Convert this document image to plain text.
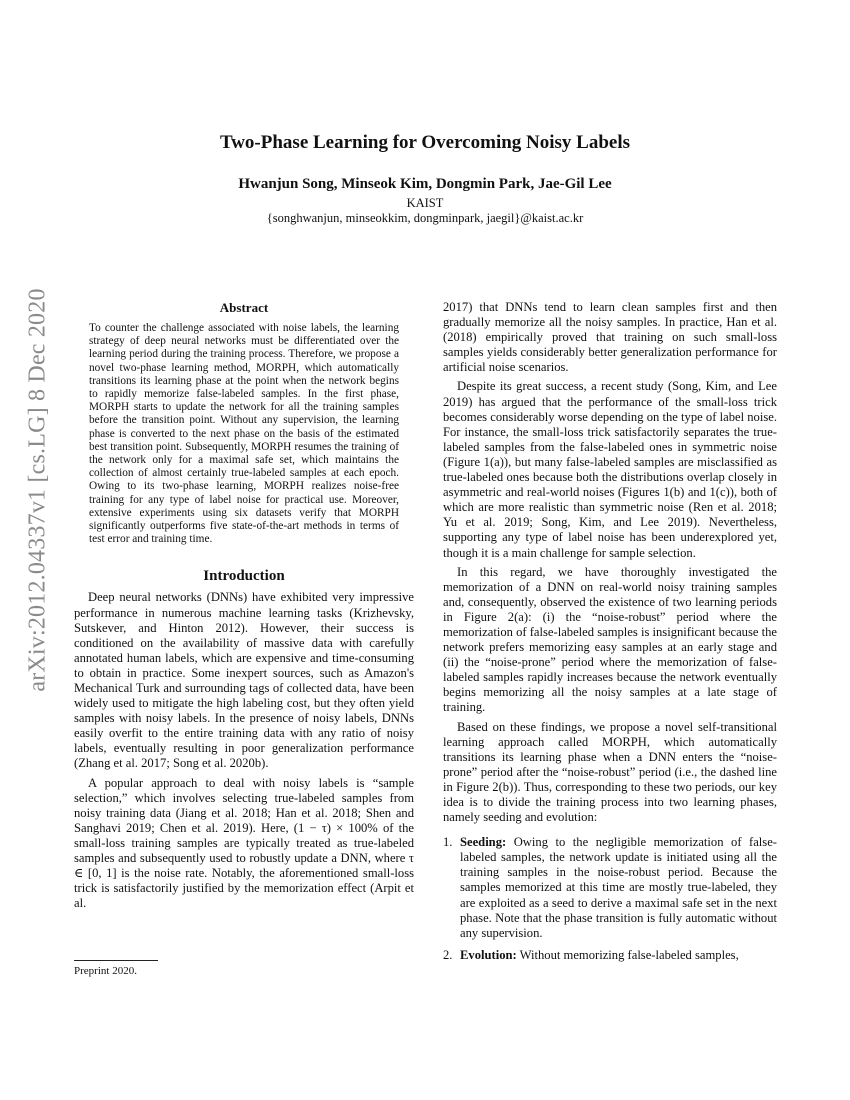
arXiv:2012.04337v1 [cs.LG] 8 Dec 2020
Two-Phase Learning for Overcoming Noisy Labels
Hwanjun Song, Minseok Kim, Dongmin Park, Jae-Gil Lee
KAIST
{songhwanjun, minseokkim, dongminpark, jaegil}@kaist.ac.kr
Abstract
To counter the challenge associated with noise labels, the learning strategy of deep neural networks must be differentiated over the learning period during the training process. Therefore, we propose a novel two-phase learning method, MORPH, which automatically transitions its learning phase at the point when the network begins to rapidly memorize false-labeled samples. In the first phase, MORPH starts to update the network for all the training samples before the transition point. Without any supervision, the learning phase is converted to the next phase on the basis of the estimated best transition point. Subsequently, MORPH resumes the training of the network only for a maximal safe set, which maintains the collection of almost certainly true-labeled samples at each epoch. Owing to its two-phase learning, MORPH realizes noise-free training for any type of label noise for practical use. Moreover, extensive experiments using six datasets verify that MORPH significantly outperforms five state-of-the-art methods in terms of test error and training time.
Introduction

Deep neural networks (DNNs) have exhibited very impressive performance in numerous machine learning tasks (Krizhevsky, Sutskever, and Hinton 2012). However, their success is conditioned on the availability of massive data with carefully annotated human labels, which are expensive and time-consuming to obtain in practice. Some inexpert sources, such as Amazon's Mechanical Turk and surrounding tags of collected data, have been widely used to mitigate the high labeling cost, but they often yield samples with noisy labels. In the presence of noisy labels, DNNs easily overfit to the entire training data with any ratio of noisy labels, eventually resulting in poor generalization performance (Zhang et al. 2017; Song et al. 2020b).

A popular approach to deal with noisy labels is “sample selection,” which involves selecting true-labeled samples from noisy training data (Jiang et al. 2018; Han et al. 2018; Shen and Sanghavi 2019; Chen et al. 2019). Here, (1 − τ) × 100% of the small-loss training samples are typically treated as true-labeled samples and subsequently used to robustly update a DNN, where τ ∈ [0, 1] is the noise rate. Notably, the aforementioned small-loss trick is satisfactorily justified by the memorization effect (Arpit et al.

Preprint 2020.

2017) that DNNs tend to learn clean samples first and then gradually memorize all the noisy samples. In practice, Han et al. (2018) empirically proved that training on such small-loss samples yields considerably better generalization performance for artificial noise scenarios.

Despite its great success, a recent study (Song, Kim, and Lee 2019) has argued that the performance of the small-loss trick becomes considerably worse depending on the type of label noise. For instance, the small-loss trick satisfactorily separates the true-labeled samples from the false-labeled ones in symmetric noise (Figure 1(a)), but many false-labeled samples are misclassified as true-labeled ones because both the distributions overlap closely in asymmetric and real-world noises (Figures 1(b) and 1(c)), both of which are more realistic than symmetric noise (Ren et al. 2018; Yu et al. 2019; Song, Kim, and Lee 2019). Nevertheless, supporting any type of label noise has been underexplored yet, though it is a main challenge for sample selection.

In this regard, we have thoroughly investigated the memorization of a DNN on real-world noisy training samples and, consequently, observed the existence of two learning periods in Figure 2(a): (i) the “noise-robust” period where the memorization of false-labeled samples is insignificant because the network prefers memorizing easy samples at an early stage and (ii) the “noise-prone” period where the memorization of false-labeled samples rapidly increases because the network eventually begins memorizing all the noisy samples at a late stage of training.

Based on these findings, we propose a novel self-transitional learning approach called MORPH, which automatically transitions its learning phase when a DNN enters the “noise-prone” period after the “noise-robust” period (i.e., the dashed line in Figure 2(b)). Thus, corresponding to these two periods, our key idea is to divide the training process into two learning phases, namely seeding and evolution:

1. Seeding: Owing to the negligible memorization of false-labeled samples, the network update is initiated using all the training samples in the noise-robust period. Because the samples memorized at this time are mostly true-labeled, they are exploited as a seed to derive a maximal safe set in the next phase. Note that the phase transition is fully automatic without any supervision.
2. Evolution: Without memorizing false-labeled samples,
